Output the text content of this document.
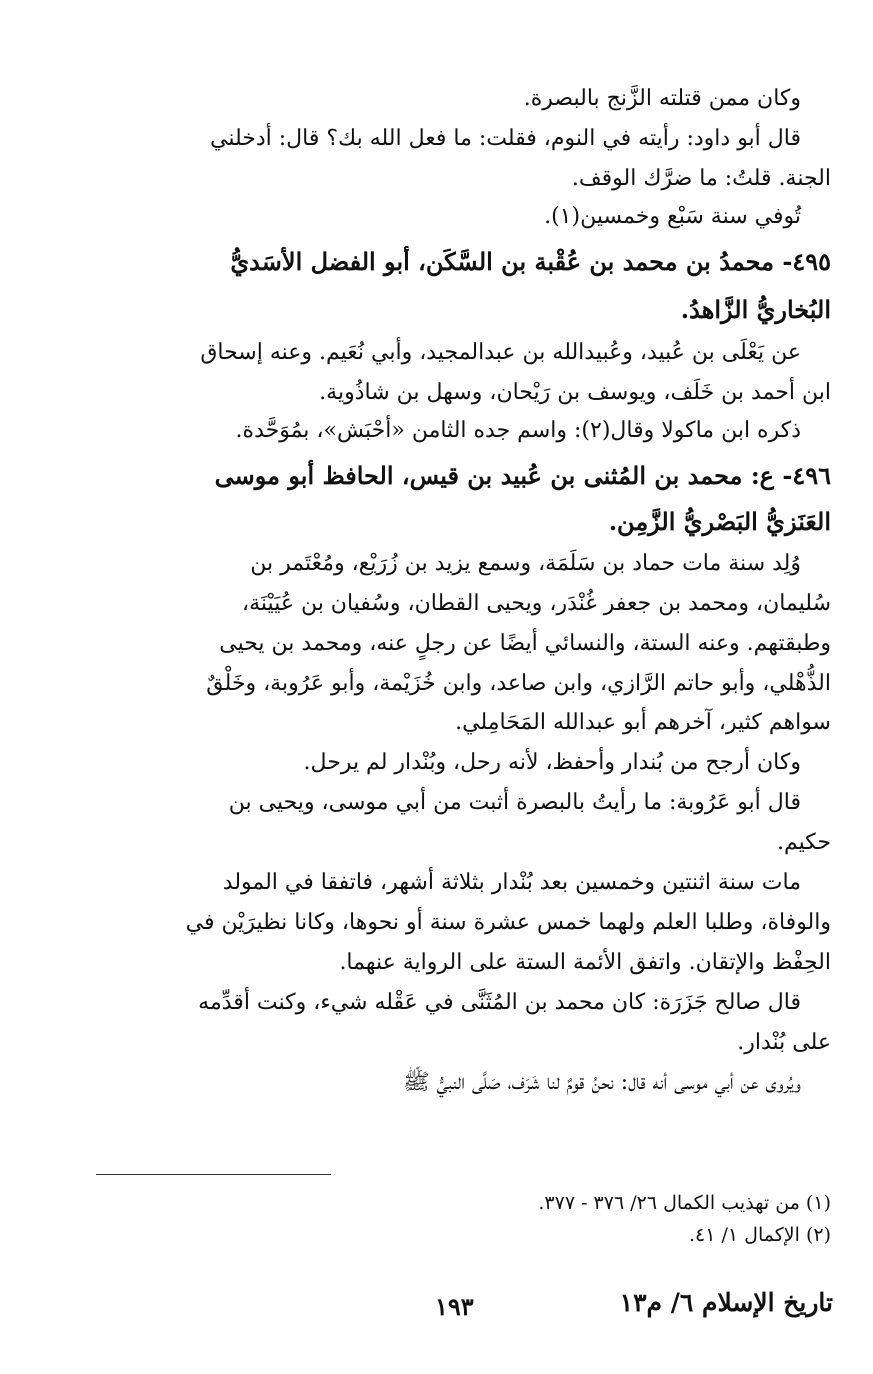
وكان ممن قتلته الزَّنج بالبصرة.
قال أبو داود: رأيته في النوم، فقلت: ما فعل الله بك؟ قال: أدخلني
الجنة. قلتُ: ما ضرَّك الوقف.
تُوفي سنة سَبْع وخمسين(١).
٤٩٥- محمدُ بن محمد بن عُقْبة بن السَّكَن، أبو الفضل الأسَديُّ
البُخاريُّ الزَّاهدُ.
عن يَعْلَى بن عُبيد، وعُبيدالله بن عبدالمجيد، وأبي نُعَيم. وعنه إسحاق
ابن أحمد بن خَلَف، ويوسف بن رَيْحان، وسهل بن شاذُوية.
ذكره ابن ماكولا وقال(٢): واسم جده الثامن «أحْبَش»، بمُوَحَّدة.
٤٩٦- ع: محمد بن المُثنى بن عُبيد بن قيس، الحافظ أبو موسى
العَنَزيُّ البَصْريُّ الزَّمِن.
وُلِد سنة مات حماد بن سَلَمَة، وسمع يزيد بن زُرَيْع، ومُعْتَمر بن
سُليمان، ومحمد بن جعفر غُنْدَر، ويحيى القطان، وسُفيان بن عُيَيْنَة،
وطبقتهم. وعنه الستة، والنسائي أيضًا عن رجلٍ عنه، ومحمد بن يحيى
الذُّهْلي، وأبو حاتم الرَّازي، وابن صاعد، وابن خُزَيْمة، وأبو عَرُوبة، وخَلْقٌ
سواهم كثير، آخرهم أبو عبدالله المَحَامِلي.
وكان أرجح من بُندار وأحفظ، لأنه رحل، وبُنْدار لم يرحل.
قال أبو عَرُوبة: ما رأيتُ بالبصرة أثبت من أبي موسى، ويحيى بن
حكيم.
مات سنة اثنتين وخمسين بعد بُنْدار بثلاثة أشهر، فاتفقا في المولد
والوفاة، وطلبا العلم ولهما خمس عشرة سنة أو نحوها، وكانا نظيرَيْن في
الحِفْظ والإتقان. واتفق الأئمة الستة على الرواية عنهما.
قال صالح جَزَرَة: كان محمد بن المُثَنَّى في عَقْله شيء، وكنت أقدِّمه
على بُنْدار.
ويُروى عن أبي موسى أنه قال: نحنُ قومٌ لنا شَرَف، صَلَّى النبيُّ ﷺ
(١) من تهذيب الكمال ٢٦/ ٣٧٦ - ٣٧٧.
(٢) الإكمال ١/ ٤١.
١٩٣	تاريخ الإسلام ٦/ م١٣
